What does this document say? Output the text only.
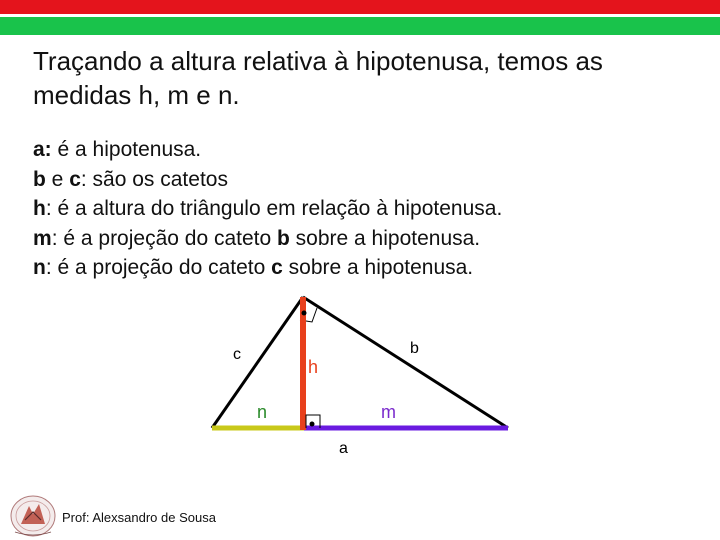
Traçando a altura relativa à hipotenusa, temos as medidas h, m e n.
a: é a hipotenusa.
b e c: são os catetos
h: é a altura do triângulo em relação à hipotenusa.
m: é a projeção do cateto b sobre a hipotenusa.
n: é a projeção do cateto c sobre a hipotenusa.
c	b
h
n	m
a
Prof: Alexsandro de Sousa
